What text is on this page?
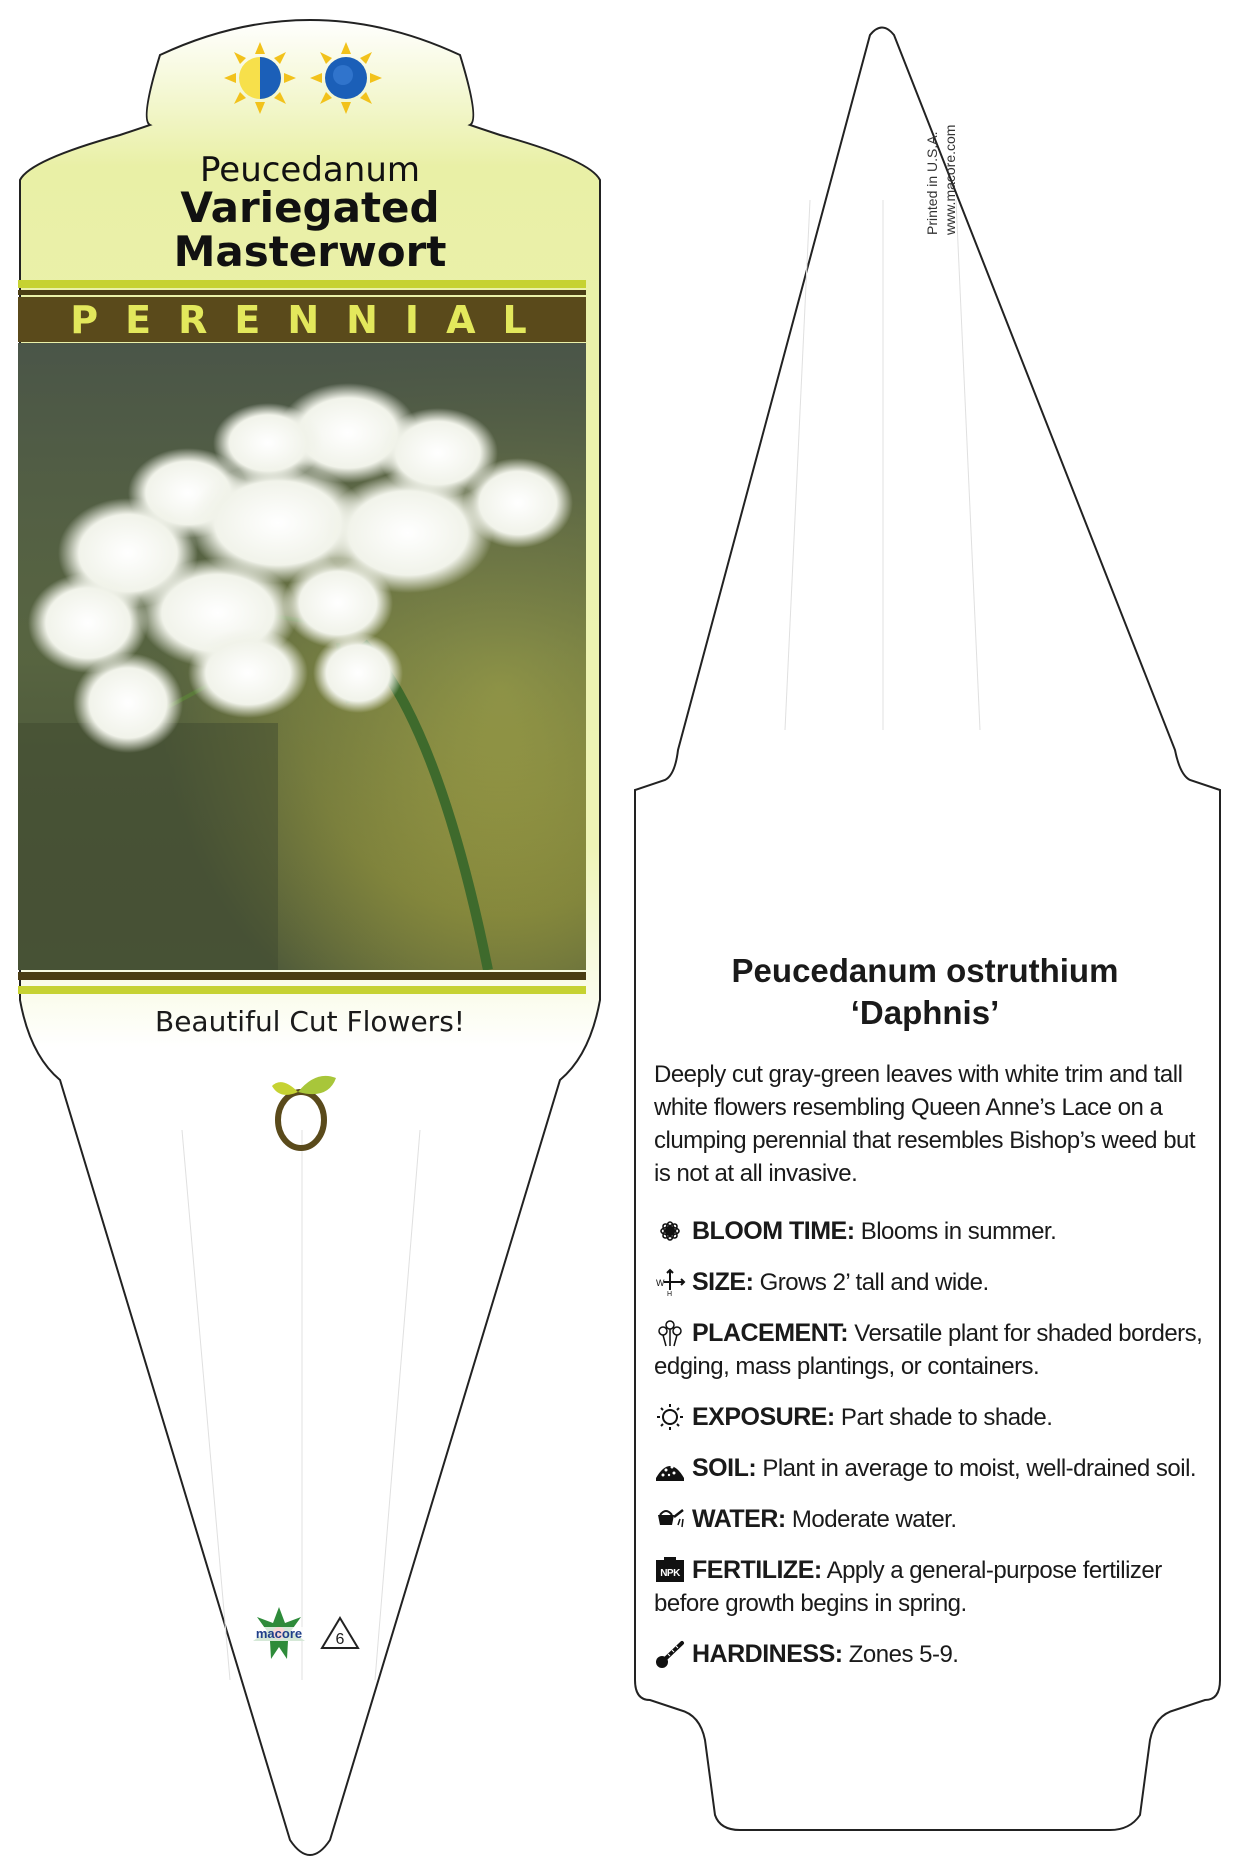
Peucedanum
Variegated
Masterwort
PERENNIAL
Beautiful Cut Flowers!
macore 6
Printed in U.S.A. www.macore.com
Peucedanum ostruthium
‘Daphnis’
Deeply cut gray-green leaves with white trim and tall white flowers resembling Queen Anne’s Lace on a clumping perennial that resembles Bishop’s weed but is not at all invasive.
BLOOM TIME: Blooms in summer.
W
H SIZE: Grows 2’ tall and wide.
PLACEMENT: Versatile plant for shaded borders, edging, mass plantings, or containers.
EXPOSURE: Part shade to shade.
SOIL: Plant in average to moist, well-drained soil.
WATER: Moderate water.
NPK FERTILIZE: Apply a general-purpose fertilizer before growth begins in spring.
HARDINESS: Zones 5-9.
